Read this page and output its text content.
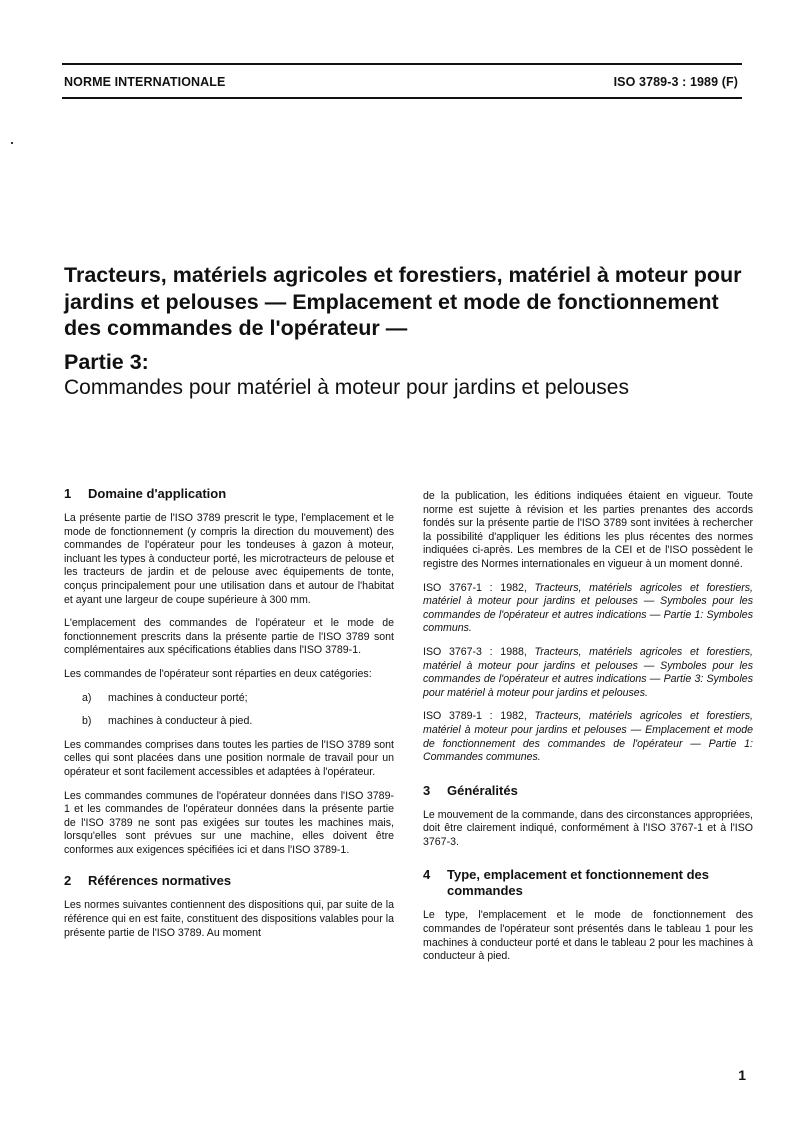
NORME INTERNATIONALE	ISO 3789-3 : 1989 (F)
Tracteurs, matériels agricoles et forestiers, matériel à moteur pour jardins et pelouses — Emplacement et mode de fonctionnement des commandes de l'opérateur —
Partie 3:
Commandes pour matériel à moteur pour jardins et pelouses
1 Domaine d'application

La présente partie de l'ISO 3789 prescrit le type, l'emplacement et le mode de fonctionnement (y compris la direction du mouvement) des commandes de l'opérateur pour les tondeuses à gazon à moteur, incluant les types à conducteur porté, les microtracteurs de pelouse et les tracteurs de jardin et de pelouse avec équipements de tonte, conçus principalement pour une utilisation dans et autour de l'habitat et ayant une largeur de coupe supérieure à 300 mm.

L'emplacement des commandes de l'opérateur et le mode de fonctionnement prescrits dans la présente partie de l'ISO 3789 sont complémentaires aux spécifications établies dans l'ISO 3789-1.

Les commandes de l'opérateur sont réparties en deux catégories:

a) machines à conducteur porté;
b) machines à conducteur à pied.

Les commandes comprises dans toutes les parties de l'ISO 3789 sont celles qui sont placées dans une position normale de travail pour un opérateur et sont facilement accessibles et adaptées à l'opérateur.

Les commandes communes de l'opérateur données dans l'ISO 3789-1 et les commandes de l'opérateur données dans la présente partie de l'ISO 3789 ne sont pas exigées sur toutes les machines mais, lorsqu'elles sont prévues sur une machine, elles doivent être conformes aux exigences spécifiées ici et dans l'ISO 3789-1.

2 Références normatives

Les normes suivantes contiennent des dispositions qui, par suite de la référence qui en est faite, constituent des dispositions valables pour la présente partie de l'ISO 3789. Au moment

de la publication, les éditions indiquées étaient en vigueur. Toute norme est sujette à révision et les parties prenantes des accords fondés sur la présente partie de l'ISO 3789 sont invitées à rechercher la possibilité d'appliquer les éditions les plus récentes des normes indiquées ci-après. Les membres de la CEI et de l'ISO possèdent le registre des Normes internationales en vigueur à un moment donné.

ISO 3767-1 : 1982, Tracteurs, matériels agricoles et forestiers, matériel à moteur pour jardins et pelouses — Symboles pour les commandes de l'opérateur et autres indications — Partie 1: Symboles communs.

ISO 3767-3 : 1988, Tracteurs, matériels agricoles et forestiers, matériel à moteur pour jardins et pelouses — Symboles pour les commandes de l'opérateur et autres indications — Partie 3: Symboles pour matériel à moteur pour jardins et pelouses.

ISO 3789-1 : 1982, Tracteurs, matériels agricoles et forestiers, matériel à moteur pour jardins et pelouses — Emplacement et mode de fonctionnement des commandes de l'opérateur — Partie 1: Commandes communes.

3 Généralités

Le mouvement de la commande, dans des circonstances appropriées, doit être clairement indiqué, conformément à l'ISO 3767-1 et à l'ISO 3767-3.

4	Type, emplacement et fonctionnement des commandes

Le type, l'emplacement et le mode de fonctionnement des commandes de l'opérateur sont présentés dans le tableau 1 pour les machines à conducteur porté et dans le tableau 2 pour les machines à conducteur à pied.

1
